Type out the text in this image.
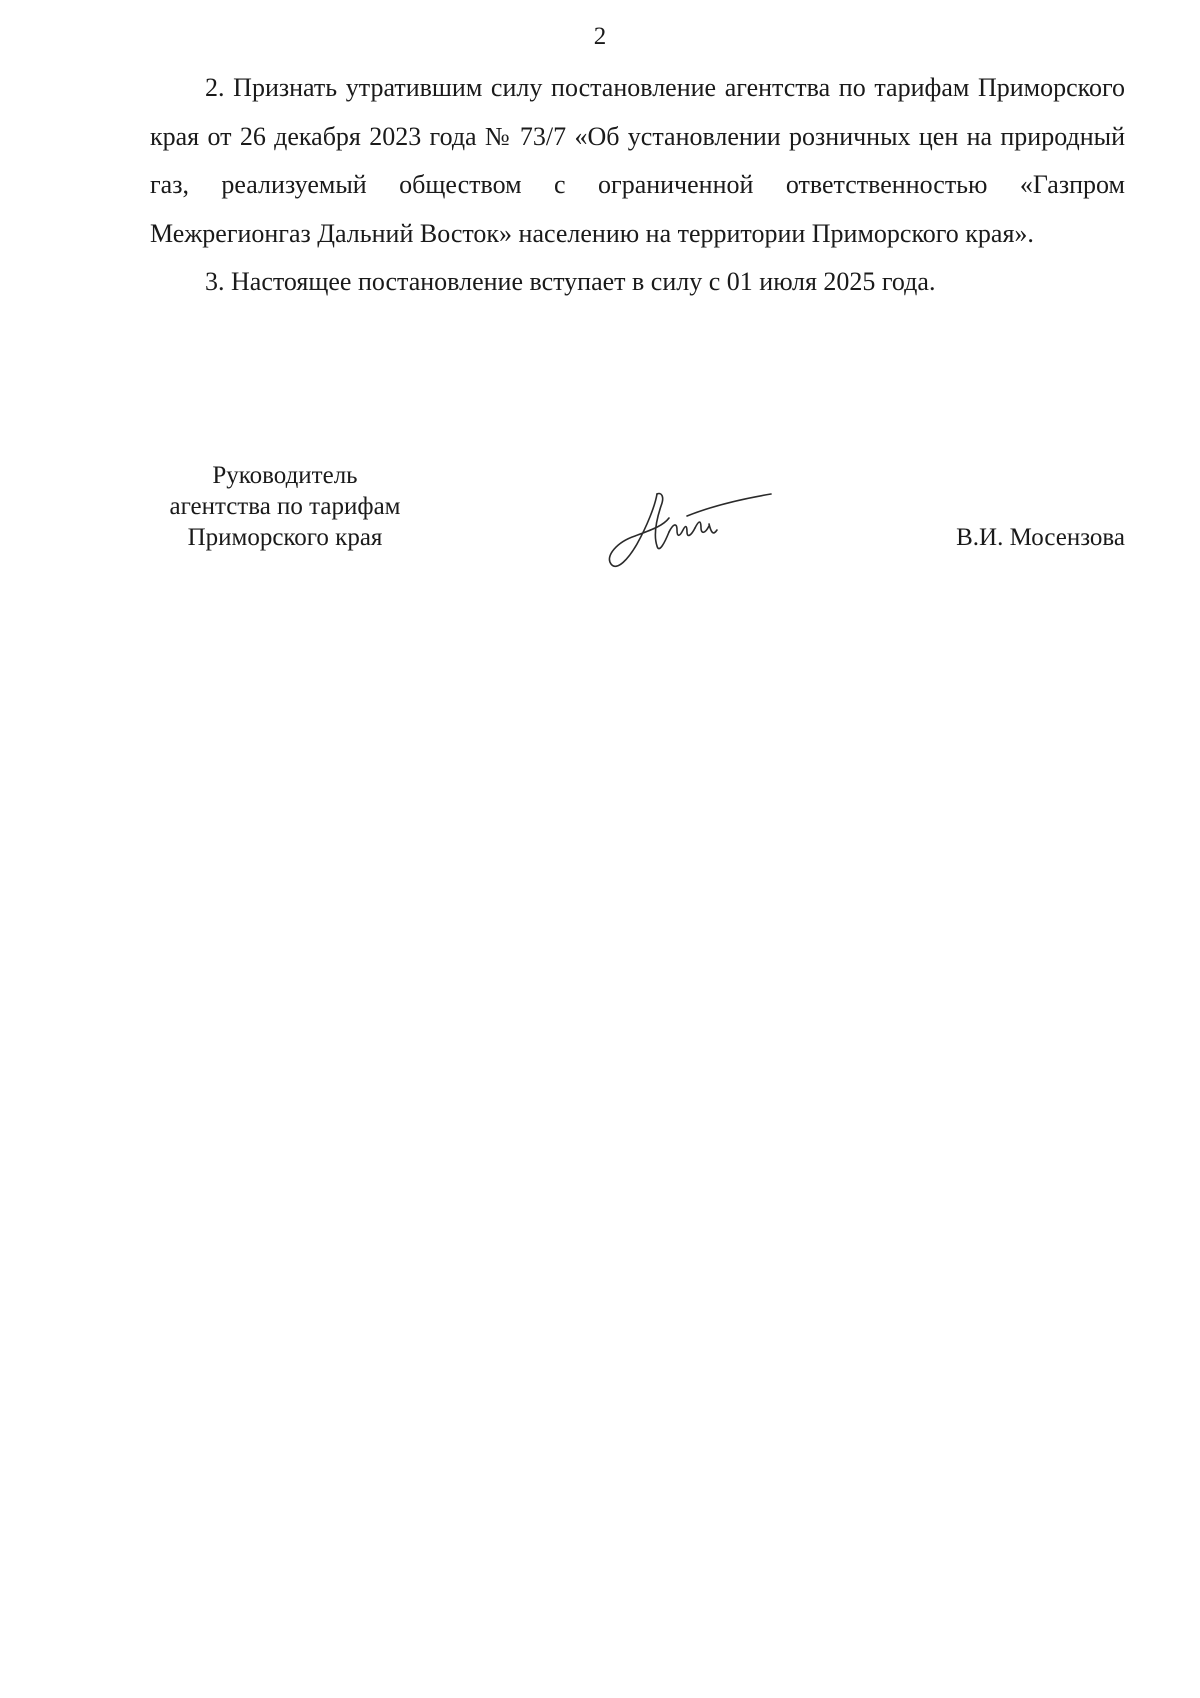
2

2. Признать утратившим силу постановление агентства по тарифам Приморского края от 26 декабря 2023 года № 73/7 «Об установлении розничных цен на природный газ, реализуемый обществом с ограниченной ответственностью «Газпром Межрегионгаз Дальний Восток» населению на территории Приморского края».

3. Настоящее постановление вступает в силу с 01 июля 2025 года.

Руководитель
агентства по тарифам
Приморского края	В.И. Мосензова
